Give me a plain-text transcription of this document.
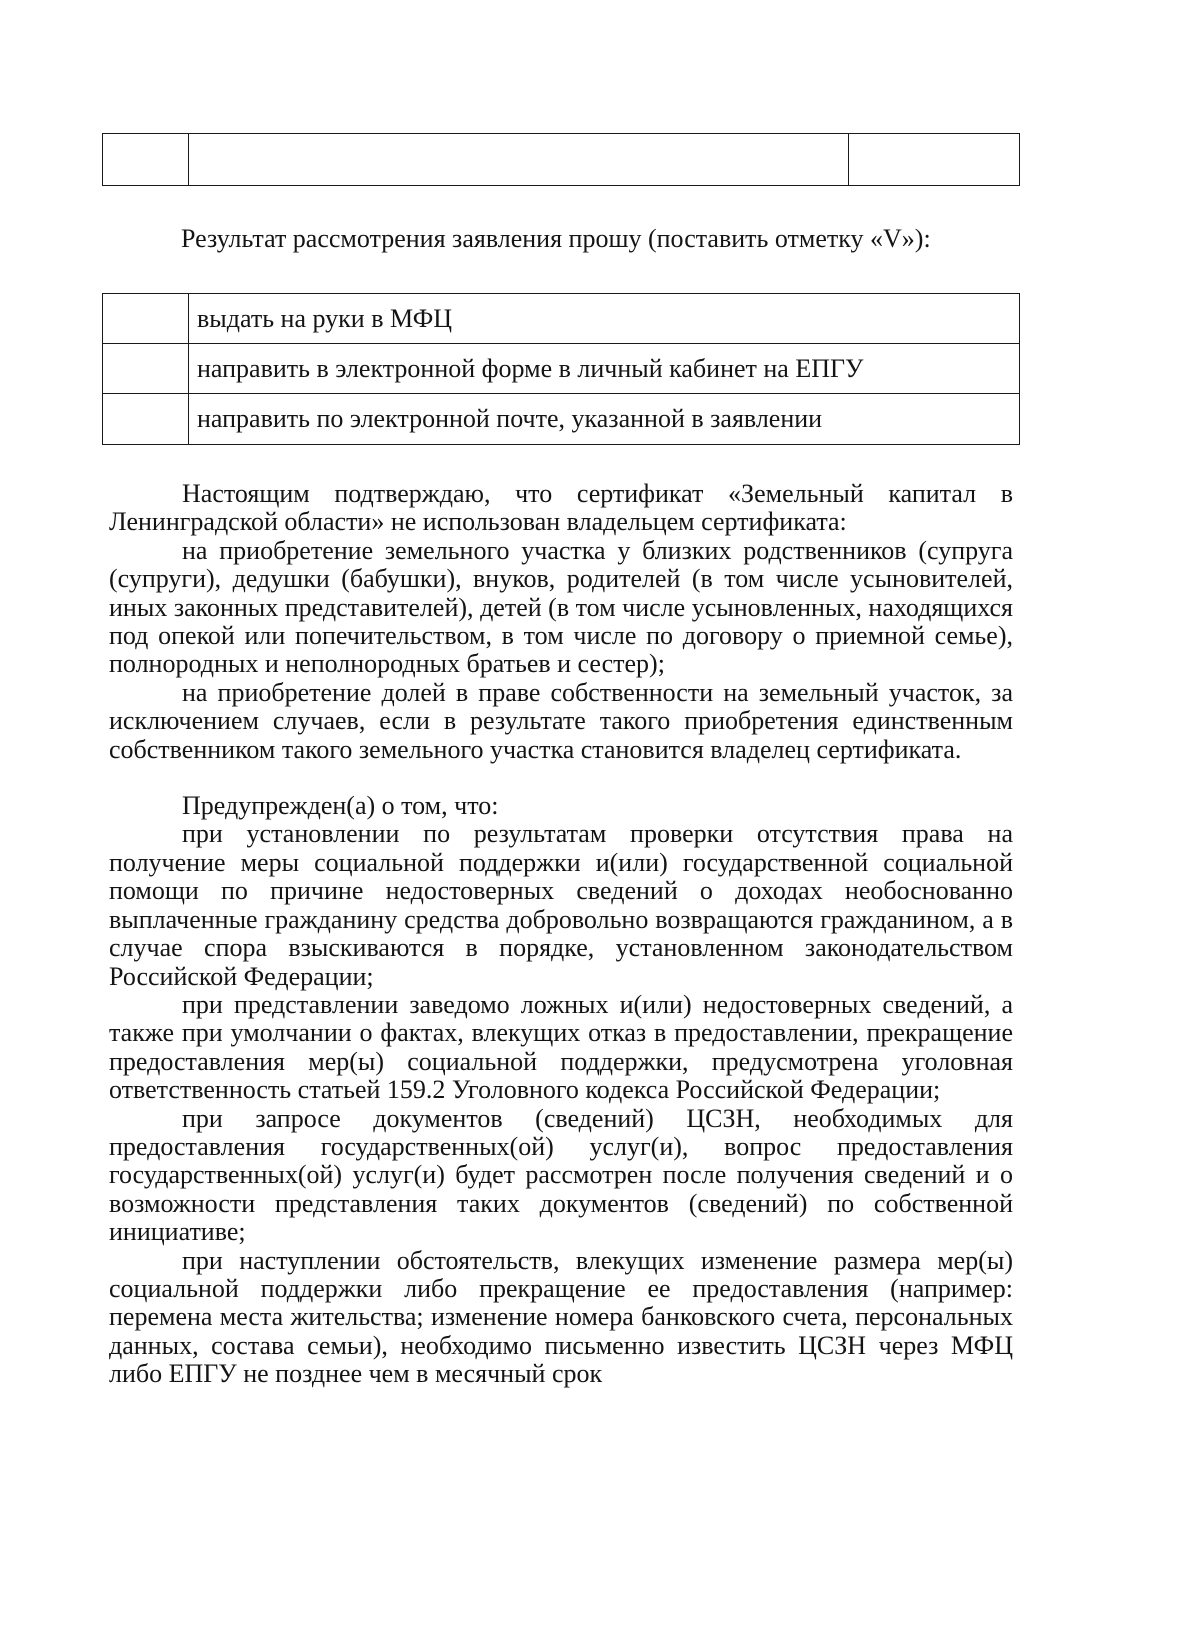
Результат рассмотрения заявления прошу (поставить отметку «V»):
выдать на руки в МФЦ
направить в электронной форме в личный кабинет на ЕПГУ
направить по электронной почте, указанной в заявлении

Настоящим подтверждаю, что сертификат «Земельный капитал в Ленинградской области» не использован владельцем сертификата:

на приобретение земельного участка у близких родственников (супруга (супруги), дедушки (бабушки), внуков, родителей (в том числе усыновителей, иных законных представителей), детей (в том числе усыновленных, находящихся под опекой или попечительством, в том числе по договору о приемной семье), полнородных и неполнородных братьев и сестер);

на приобретение долей в праве собственности на земельный участок, за исключением случаев, если в результате такого приобретения единственным собственником такого земельного участка становится владелец сертификата.

Предупрежден(а) о том, что:

при установлении по результатам проверки отсутствия права на получение меры социальной поддержки и(или) государственной социальной помощи по причине недостоверных сведений о доходах необоснованно выплаченные гражданину средства добровольно возвращаются гражданином, а в случае спора взыскиваются в порядке, установленном законодательством Российской Федерации;

при представлении заведомо ложных и(или) недостоверных сведений, а также при умолчании о фактах, влекущих отказ в предоставлении, прекращение предоставления мер(ы) социальной поддержки, предусмотрена уголовная ответственность статьей 159.2 Уголовного кодекса Российской Федерации;

при запросе документов (сведений) ЦСЗН, необходимых для предоставления государственных(ой) услуг(и), вопрос предоставления государственных(ой) услуг(и) будет рассмотрен после получения сведений и о возможности представления таких документов (сведений) по собственной инициативе;

при наступлении обстоятельств, влекущих изменение размера мер(ы) социальной поддержки либо прекращение ее предоставления (например: перемена места жительства; изменение номера банковского счета, персональных данных, состава семьи), необходимо письменно известить ЦСЗН через МФЦ либо ЕПГУ не позднее чем в месячный срок
